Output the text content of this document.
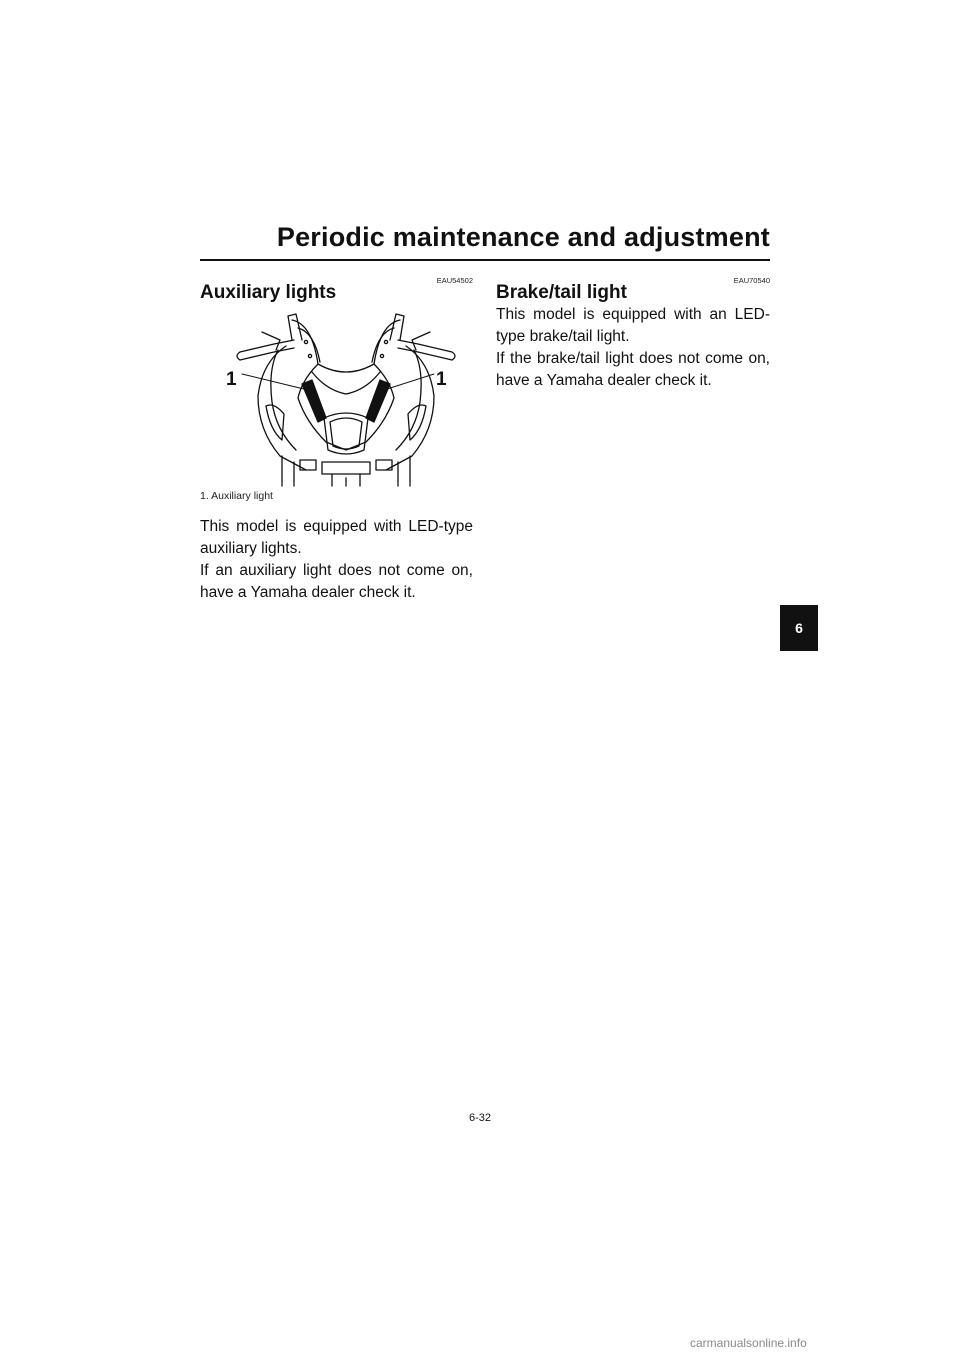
Periodic maintenance and adjustment
EAU54502
Auxiliary lights
1	1
1. Auxiliary light

This model is equipped with LED-type auxiliary lights.

If an auxiliary light does not come on, have a Yamaha dealer check it.

EAU70540
Brake/tail light

This model is equipped with an LED-type brake/tail light.

If the brake/tail light does not come on, have a Yamaha dealer check it.

6
6-32
carmanualsonline.info
